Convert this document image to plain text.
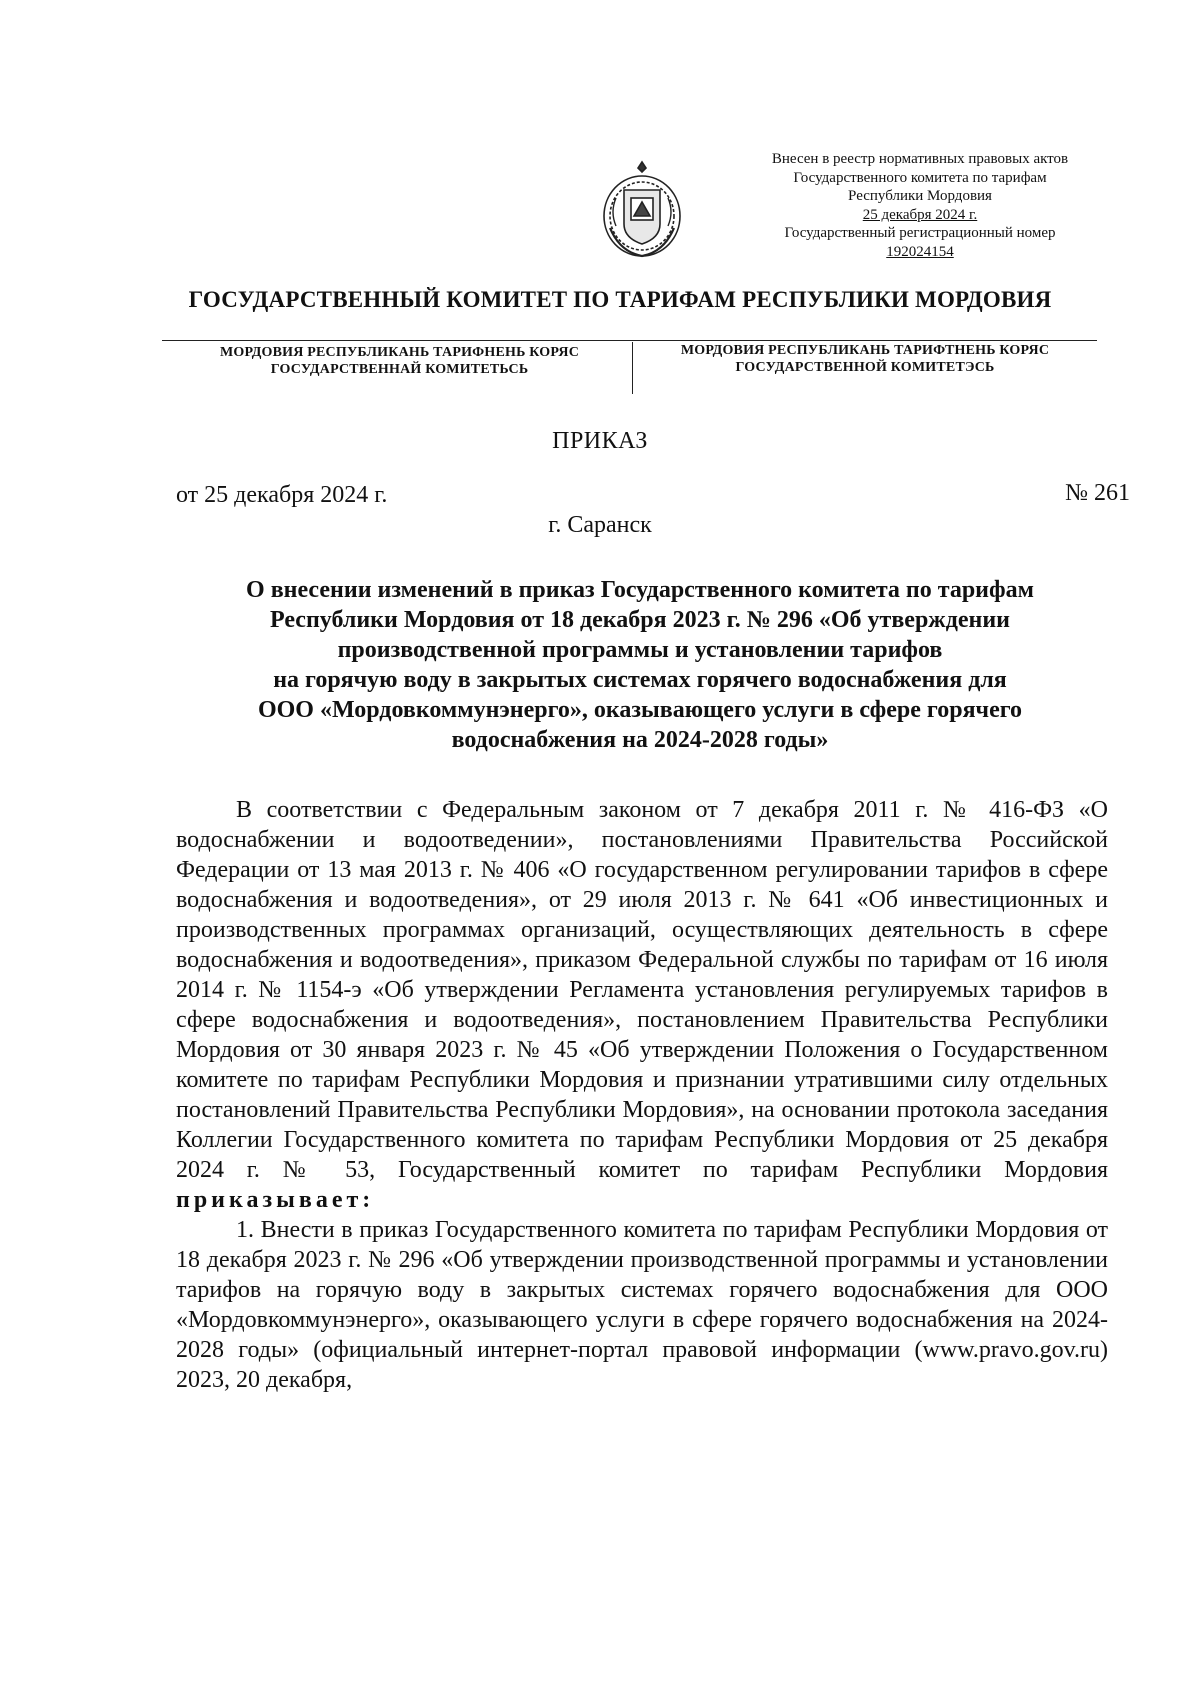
Внесен в реестр нормативных правовых актов
Государственного комитета по тарифам
Республики Мордовия
25 декабря 2024 г.
Государственный регистрационный номер
192024154
ГОСУДАРСТВЕННЫЙ КОМИТЕТ ПО ТАРИФАМ РЕСПУБЛИКИ МОРДОВИЯ
МОРДОВИЯ РЕСПУБЛИКАНЬ ТАРИФНЕНЬ КОРЯС
ГОСУДАРСТВЕННАЙ КОМИТЕТЬСЬ
МОРДОВИЯ РЕСПУБЛИКАНЬ ТАРИФТНЕНЬ КОРЯС
ГОСУДАРСТВЕННОЙ КОМИТЕТЭСЬ
ПРИКАЗ
от 25 декабря 2024 г.	№ 261
г. Саранск
О внесении изменений в приказ Государственного комитета по тарифам
Республики Мордовия от 18 декабря 2023 г. № 296 «Об утверждении
производственной программы и установлении тарифов
на горячую воду в закрытых системах горячего водоснабжения для
ООО «Мордовкоммунэнерго», оказывающего услуги в сфере горячего
водоснабжения на 2024-2028 годы»

В соответствии с Федеральным законом от 7 декабря 2011 г. № 416-ФЗ «О водоснабжении и водоотведении», постановлениями Правительства Российской Федерации от 13 мая 2013 г. № 406 «О государственном регулировании тарифов в сфере водоснабжения и водоотведения», от 29 июля 2013 г. № 641 «Об инвестиционных и производственных программах организаций, осуществляющих деятельность в сфере водоснабжения и водоотведения», приказом Федеральной службы по тарифам от 16 июля 2014 г. № 1154-э «Об утверждении Регламента установления регулируемых тарифов в сфере водоснабжения и водоотведения», постановлением Правительства Республики Мордовия от 30 января 2023 г. № 45 «Об утверждении Положения о Государственном комитете по тарифам Республики Мордовия и признании утратившими силу отдельных постановлений Правительства Республики Мордовия», на основании протокола заседания Коллегии Государственного комитета по тарифам Республики Мордовия от 25 декабря 2024 г. № 53, Государственный комитет по тарифам Республики Мордовия приказывает:

1. Внести в приказ Государственного комитета по тарифам Республики Мордовия от 18 декабря 2023 г. № 296 «Об утверждении производственной программы и установлении тарифов на горячую воду в закрытых системах горячего водоснабжения для ООО «Мордовкоммунэнерго», оказывающего услуги в сфере горячего водоснабжения на 2024-2028 годы» (официальный интернет-портал правовой информации (www.pravo.gov.ru) 2023, 20 декабря,
